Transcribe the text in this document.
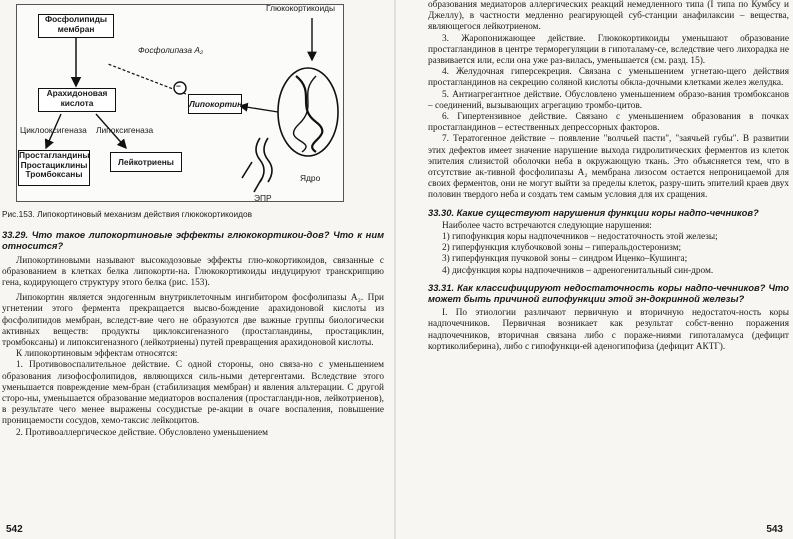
Фосфолипиды мембран
Арахидоновая кислота
Простагландины Простациклины Тромбоксаны
Лейкотриены
Липокортин
Глюкокортикоиды
Фосфолипаза A₂
Циклооксигеназа Липоксигеназа
−
ЭПР
Ядро

Рис.153. Липокортиновый механизм действия глюкокортикоидов

33.29. Что такое липокортиновые эффекты глюкокортикои-дов? Что к ним относится?

Липокортиновыми называют высокодозовые эффекты глю-кокортикоидов, связанные с образованием в клетках белка липокорти-на. Глюкокортикоиды индуцируют транскрипцию гена, кодирующего структуру этого белка (рис. 153).

Липокортин является эндогенным внутриклеточным ингибитором фосфолипазы A₂. При угнетении этого фермента прекращается высво-бождение арахидоновой кислоты из фосфолипидов мембран, вследст-вие чего не образуются две важные группы биологически активных веществ: продукты циклоксигеназного (простагландины, простациклин, тромбоксаны) и липоксигеназного (лейкотриены) путей превращения арахидоновой кислоты.

К липокортиновым эффектам относятся:

1. Противовоспалительное действие. С одной стороны, оно связа-но с уменьшением образования лизофосфолипидов, являющихся силь-ными детергентами. Вследствие этого уменьшается повреждение мем-бран (стабилизация мембран) и явления альтерации. С другой сторо-ны, уменьшается образование медиаторов воспаления (простагланди-нов, лейкотриенов), в результате чего менее выражены сосудистые ре-акции в очаге воспаления, повышение проницаемости сосудов, хемо-таксис лейкоцитов.

2. Противоаллергическое действие. Обусловлено уменьшением

542

образования медиаторов аллергических реакций немедленного типа (I типа по Кумбсу и Джеллу), в частности медленно реагирующей суб-станции анафилаксии – вещества, являющегося лейкотриеном.

3. Жаропонижающее действие. Глюкокортикоиды уменьшают образование простагландинов в центре терморегуляции в гипоталаму-се, вследствие чего лихорадка не развивается или, если она уже раз-вилась, уменьшается (см. разд. 15).

4. Желудочная гиперсекреция. Связана с уменьшением угнетаю-щего действия простагландинов на секрецию соляной кислоты обкла-дочными клетками желез желудка.

5. Антиагрегантное действие. Обусловлено уменьшением образо-вания тромбоксанов – соединений, вызывающих агрегацию тромбо-цитов.

6. Гипертензивное действие. Связано с уменьшением образования в почках простагландинов – естественных депрессорных факторов.

7. Тератогенное действие – появление "волчьей пасти", "заячьей губы". В развитии этих дефектов имеет значение нарушение выхода гидролитических ферментов из клеток эпителия слизистой оболочки неба в окружающую ткань. Это объясняется тем, что в отсутствие ак-тивной фосфолипазы A₂ мембрана лизосом остается непроницаемой для своих ферментов, они не могут выйти за пределы клеток, разру-шить эпителий краев двух половин твердого неба и создать тем самым условия для их сращения.

33.30. Какие существуют нарушения функции коры надпо-чечников?

Наиболее часто встречаются следующие нарушения:

1) гипофункция коры надпочечников – недостаточность этой железы;

2) гиперфункция клубочковой зоны – гиперальдостеронизм;

3) гиперфункция пучковой зоны – синдром Иценко–Кушинга;

4) дисфункция коры надпочечников – адреногенитальный син-дром.

33.31. Как классифицируют недостаточность коры надпо-чечников? Что может быть причиной гипофункции этой эн-докринной железы?

I. По этиологии различают первичную и вторичную недостаточ-ность коры надпочечников. Первичная возникает как результат собст-венно поражения надпочечников, вторичная связана либо с пораже-ниями гипоталамуса (дефицит кортиколиберина), либо с гипофункци-ей аденогипофиза (дефицит АКТГ).

543
